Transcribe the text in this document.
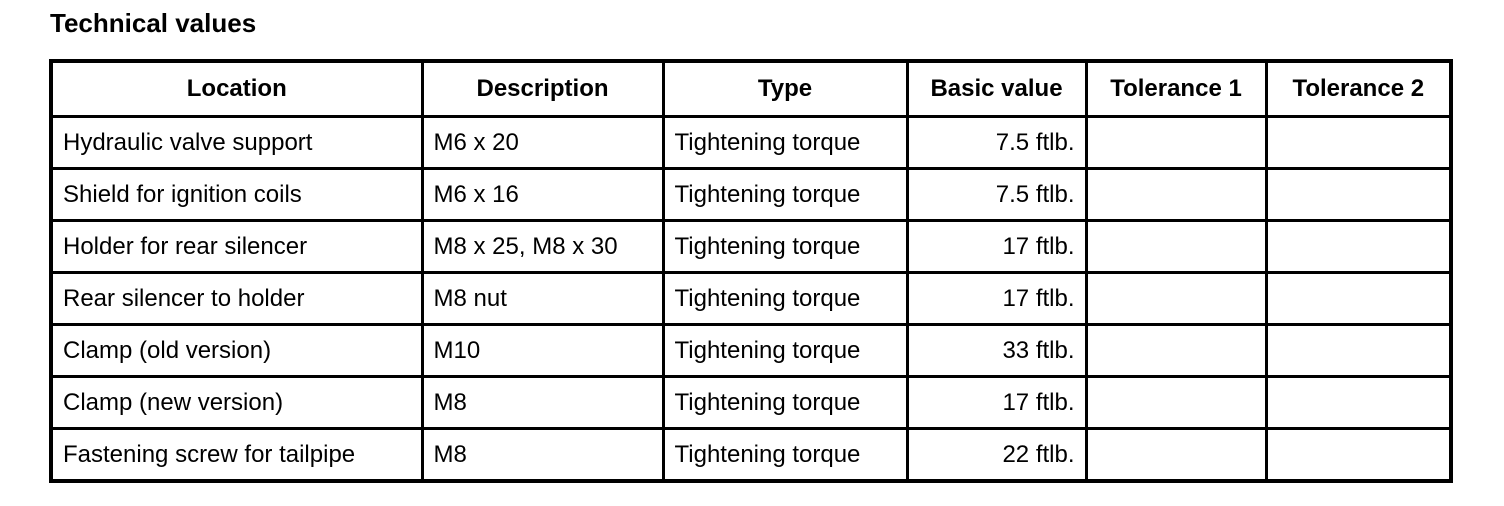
Technical values
Location	Description	Type	Basic value	Tolerance 1	Tolerance 2
Hydraulic valve support	M6 x 20	Tightening torque	7.5 ftlb.		
Shield for ignition coils	M6 x 16	Tightening torque	7.5 ftlb.		
Holder for rear silencer	M8 x 25, M8 x 30	Tightening torque	17 ftlb.		
Rear silencer to holder	M8 nut	Tightening torque	17 ftlb.		
Clamp (old version)	M10	Tightening torque	33 ftlb.		
Clamp (new version)	M8	Tightening torque	17 ftlb.		
Fastening screw for tailpipe	M8	Tightening torque	22 ftlb.		
